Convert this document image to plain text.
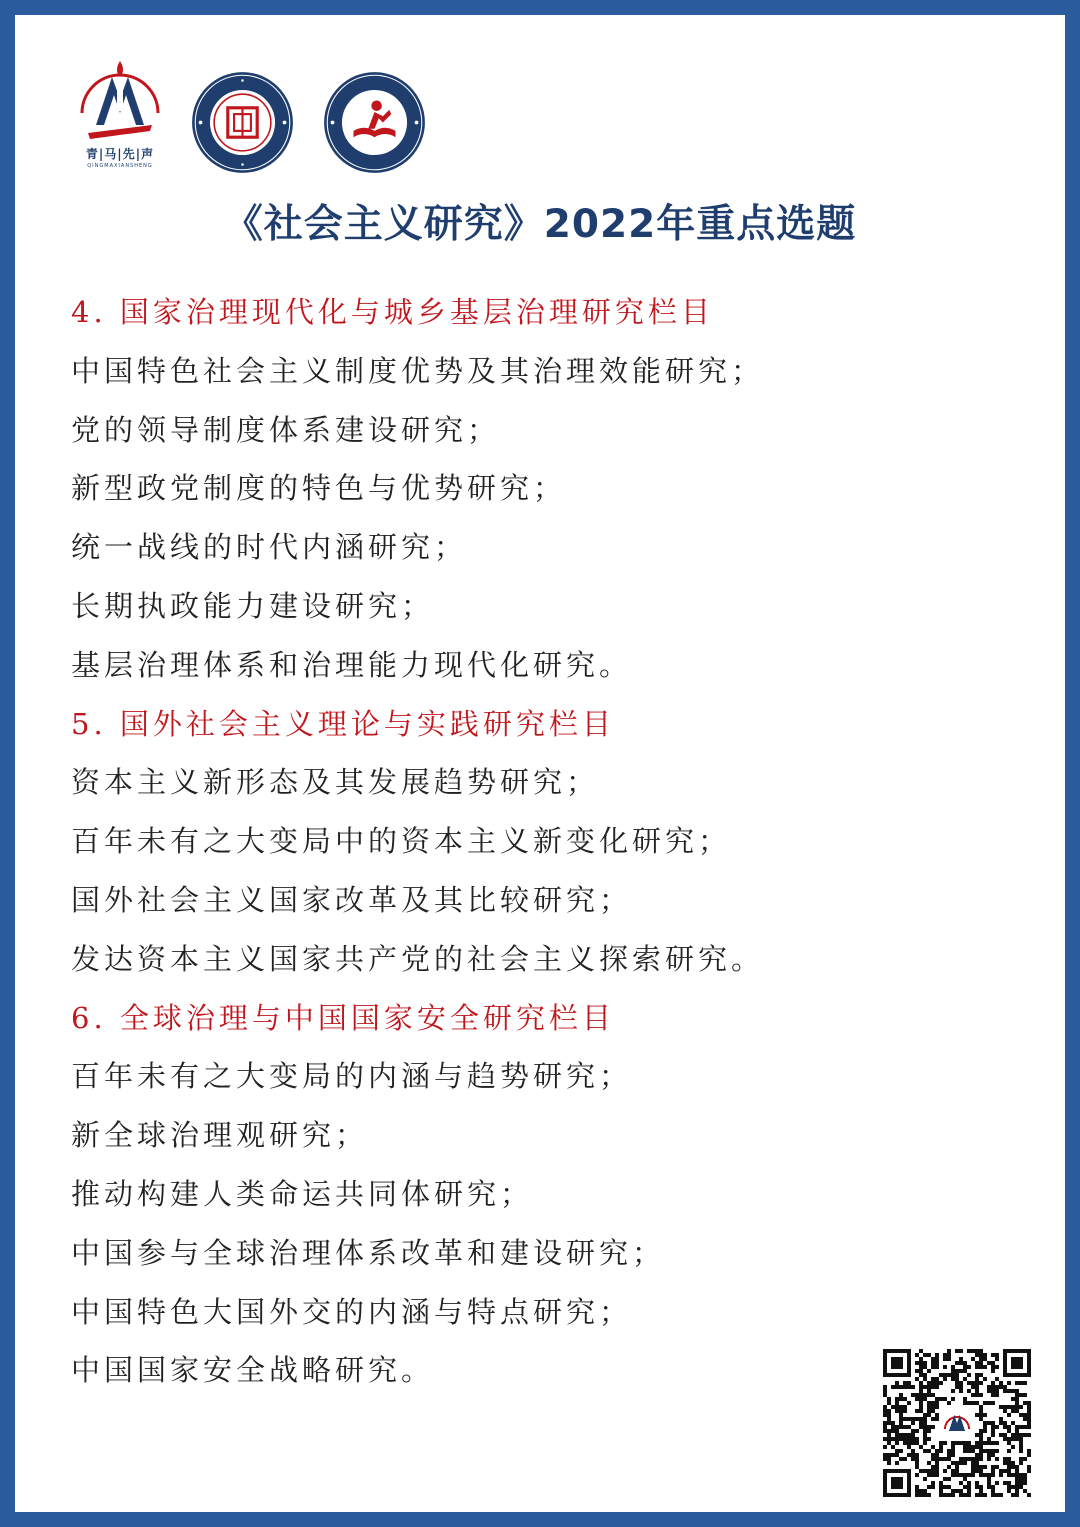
青|马|先|声
QINGMAXIANSHENG
《社会主义研究》2022年重点选题
4. 国家治理现代化与城乡基层治理研究栏目
中国特色社会主义制度优势及其治理效能研究；
党的领导制度体系建设研究；
新型政党制度的特色与优势研究；
统一战线的时代内涵研究；
长期执政能力建设研究；
基层治理体系和治理能力现代化研究。
5. 国外社会主义理论与实践研究栏目
资本主义新形态及其发展趋势研究；
百年未有之大变局中的资本主义新变化研究；
国外社会主义国家改革及其比较研究；
发达资本主义国家共产党的社会主义探索研究。
6. 全球治理与中国国家安全研究栏目
百年未有之大变局的内涵与趋势研究；
新全球治理观研究；
推动构建人类命运共同体研究；
中国参与全球治理体系改革和建设研究；
中国特色大国外交的内涵与特点研究；
中国国家安全战略研究。
